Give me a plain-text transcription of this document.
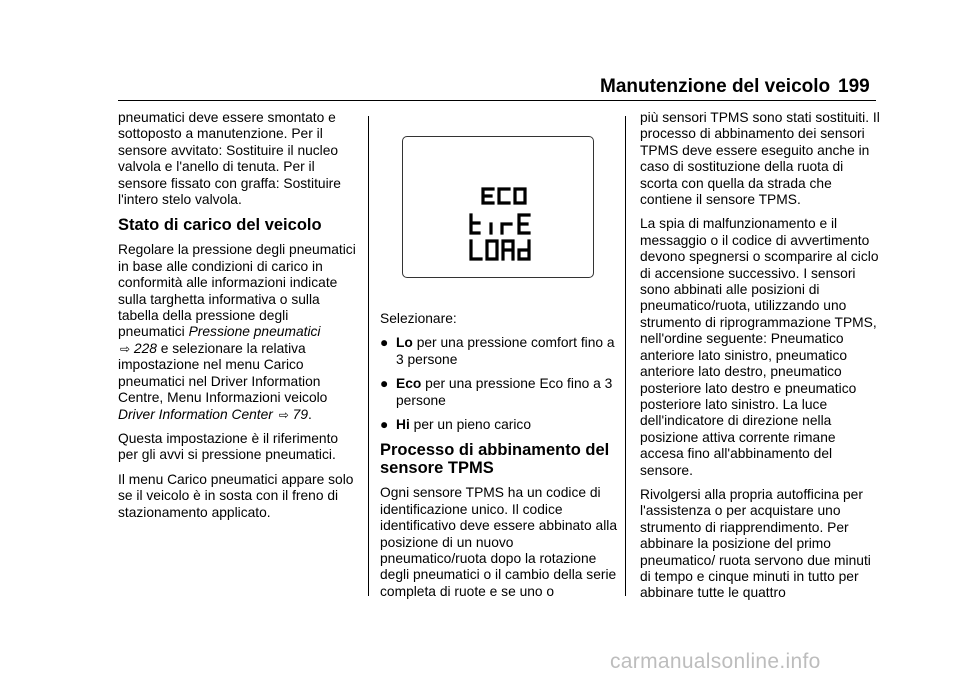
Manutenzione del veicolo 199

pneumatici deve essere smontato e sottoposto a manutenzione. Per il sensore avvitato: Sostituire il nucleo valvola e l'anello di tenuta. Per il sensore fissato con graffa: Sostituire l'intero stelo valvola.

Stato di carico del veicolo

Regolare la pressione degli pneumatici in base alle condizioni di carico in conformità alle informazioni indicate sulla targhetta informativa o sulla tabella della pressione degli pneumatici Pressione pneumatici
⇨ 228 e selezionare la relativa impostazione nel menu Carico pneumatici nel Driver Information Centre, Menu Informazioni veicolo Driver Information Center ⇨ 79.

Questa impostazione è il riferimento per gli avvi si pressione pneumatici.

Il menu Carico pneumatici appare solo se il veicolo è in sosta con il freno di stazionamento applicato.

Selezionare:

● Lo per una pressione comfort fino a 3 persone
● Eco per una pressione Eco fino a 3 persone
● Hi per un pieno carico
Processo di abbinamento del sensore TPMS

Ogni sensore TPMS ha un codice di identificazione unico. Il codice identificativo deve essere abbinato alla posizione di un nuovo pneumatico/ruota dopo la rotazione degli pneumatici o il cambio della serie completa di ruote e se uno o

più sensori TPMS sono stati sostituiti. Il processo di abbinamento dei sensori TPMS deve essere eseguito anche in caso di sostituzione della ruota di scorta con quella da strada che contiene il sensore TPMS.

La spia di malfunzionamento e il messaggio o il codice di avvertimento devono spegnersi o scomparire al ciclo di accensione successivo. I sensori sono abbinati alle posizioni di pneumatico/ruota, utilizzando uno strumento di riprogrammazione TPMS, nell'ordine seguente: Pneumatico anteriore lato sinistro, pneumatico anteriore lato destro, pneumatico posteriore lato destro e pneumatico posteriore lato sinistro. La luce dell'indicatore di direzione nella posizione attiva corrente rimane accesa fino all'abbinamento del sensore.

Rivolgersi alla propria autofficina per l'assistenza o per acquistare uno strumento di riapprendimento. Per abbinare la posizione del primo pneumatico/ ruota servono due minuti di tempo e cinque minuti in tutto per abbinare tutte le quattro

carmanualsonline.info
